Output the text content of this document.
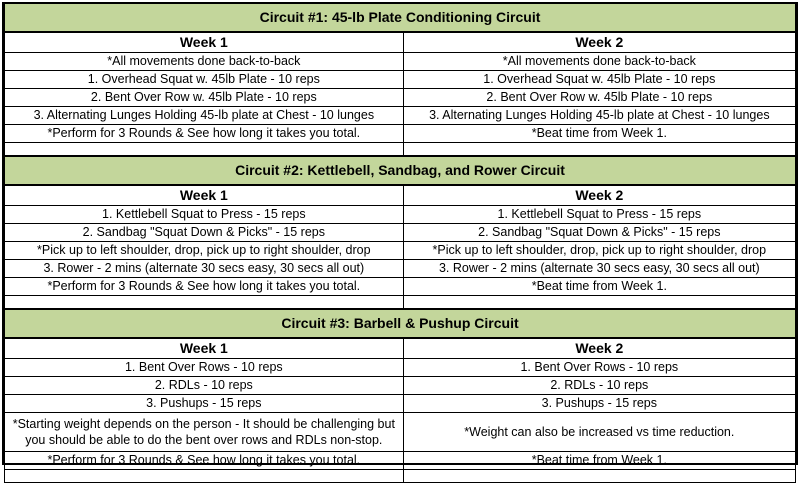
Circuit #1: 45-lb Plate Conditioning Circuit	
Week 1	Week 2
*All movements done back-to-back	*All movements done back-to-back
1. Overhead Squat w. 45lb Plate - 10 reps	1. Overhead Squat w. 45lb Plate - 10 reps
2. Bent Over Row w. 45lb Plate - 10 reps	2. Bent Over Row w. 45lb Plate - 10 reps
3. Alternating Lunges Holding 45-lb plate at Chest - 10 lunges	3. Alternating Lunges Holding 45-lb plate at Chest - 10 lunges
*Perform for 3 Rounds & See how long it takes you total.	*Beat time from Week 1.

Circuit #2: Kettlebell, Sandbag, and Rower Circuit	
Week 1	Week 2
1. Kettlebell Squat to Press - 15 reps	1. Kettlebell Squat to Press - 15 reps
2. Sandbag "Squat Down & Picks" - 15 reps	2. Sandbag "Squat Down & Picks" - 15 reps
*Pick up to left shoulder, drop, pick up to right shoulder, drop	*Pick up to left shoulder, drop, pick up to right shoulder, drop
3. Rower - 2 mins (alternate 30 secs easy, 30 secs all out)	3. Rower - 2 mins (alternate 30 secs easy, 30 secs all out)
*Perform for 3 Rounds & See how long it takes you total.	*Beat time from Week 1.

Circuit #3: Barbell & Pushup Circuit	
Week 1	Week 2
1. Bent Over Rows - 10 reps	1. Bent Over Rows - 10 reps
2. RDLs - 10 reps	2. RDLs - 10 reps
3. Pushups - 15 reps	3. Pushups - 15 reps
*Starting weight depends on the person - It should be challenging but you should be able to do the bent over rows and RDLs non-stop.	*Weight can also be increased vs time reduction.
*Perform for 3 Rounds & See how long it takes you total.	*Beat time from Week 1.
